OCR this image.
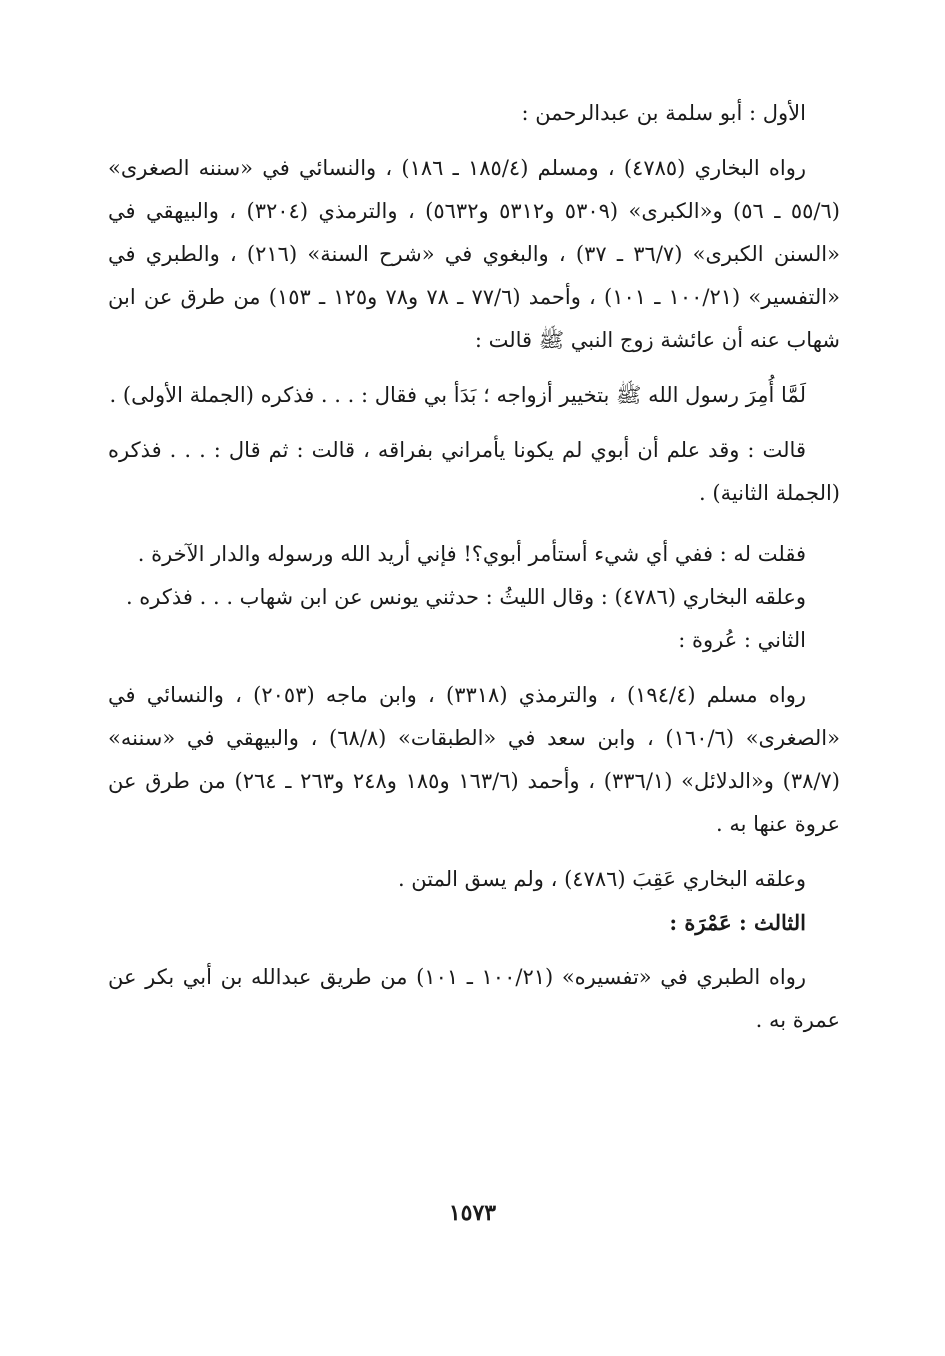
الأول : أبو سلمة بن عبدالرحمن :

رواه البخاري (٤٧٨٥) ، ومسلم (١٨٥/٤ ـ ١٨٦) ، والنسائي في «سننه الصغرى» (٥٥/٦ ـ ٥٦) و«الكبرى» (٥٣٠٩ و٥٣١٢ و٥٦٣٢) ، والترمذي (٣٢٠٤) ، والبيهقي في «السنن الكبرى» (٣٦/٧ ـ ٣٧) ، والبغوي في «شرح السنة» (٢١٦) ، والطبري في «التفسير» (١٠٠/٢١ ـ ١٠١) ، وأحمد (٧٧/٦ ـ ٧٨ و٧٨ و١٢٥ ـ ١٥٣) من طرق عن ابن شهاب عنه أن عائشة زوج النبي ﷺ قالت :

لَمَّا أُمِرَ رسول الله ﷺ بتخيير أزواجه ؛ بَدَأ بي فقال : . . . فذكره (الجملة الأولى) .

قالت : وقد علم أن أبوي لم يكونا يأمراني بفراقه ، قالت : ثم قال : . . . فذكره (الجملة الثانية) .

فقلت له : ففي أي شيء أستأمر أبوي؟! فإني أريد الله ورسوله والدار الآخرة .

وعلقه البخاري (٤٧٨٦) : وقال الليثُ : حدثني يونس عن ابن شهاب . . . فذكره .

الثاني : عُروة :

رواه مسلم (١٩٤/٤) ، والترمذي (٣٣١٨) ، وابن ماجه (٢٠٥٣) ، والنسائي في «الصغرى» (١٦٠/٦) ، وابن سعد في «الطبقات» (٦٨/٨) ، والبيهقي في «سننه» (٣٨/٧) و«الدلائل» (٣٣٦/١) ، وأحمد (١٦٣/٦ و١٨٥ و٢٤٨ و٢٦٣ ـ ٢٦٤) من طرق عن عروة عنها به .

وعلقه البخاري عَقِبَ (٤٧٨٦) ، ولم يسق المتن .

الثالث : عَمْرَة :

رواه الطبري في «تفسيره» (١٠٠/٢١ ـ ١٠١) من طريق عبدالله بن أبي بكر عن عمرة به .

١٥٧٣
